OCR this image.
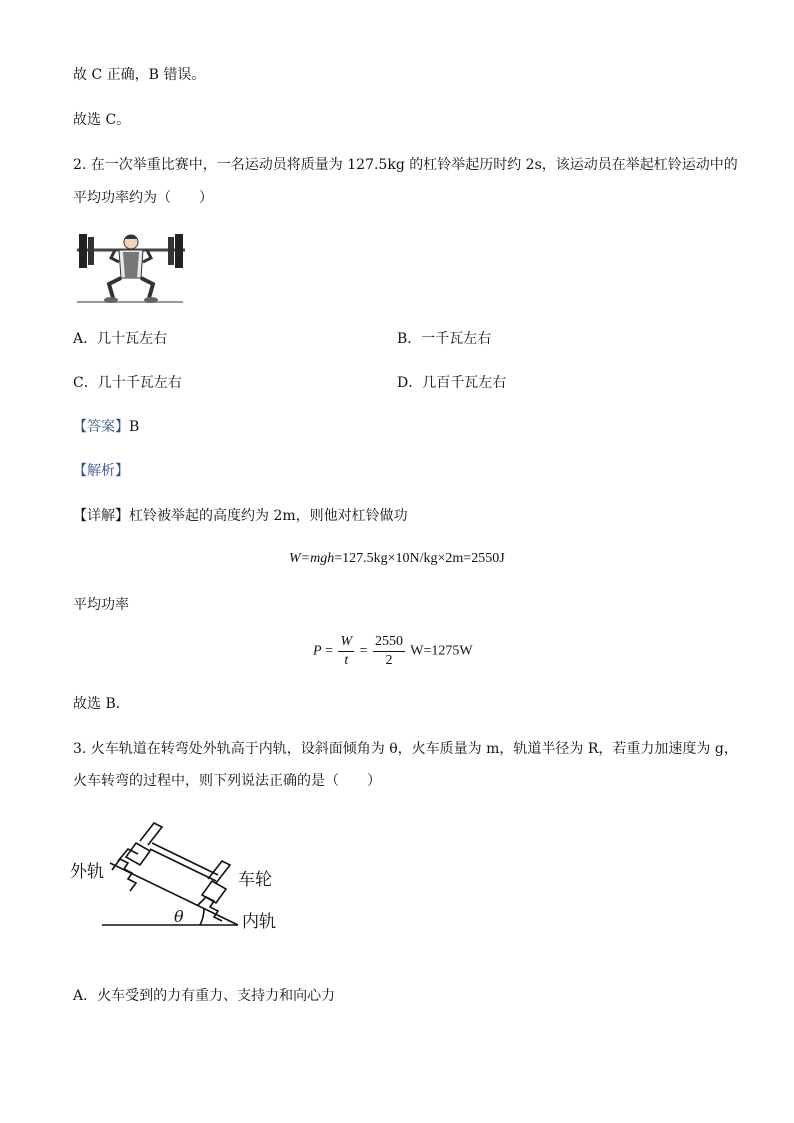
故 C 正确，B 错误。
故选 C。
2. 在一次举重比赛中，一名运动员将质量为 127.5kg 的杠铃举起历时约 2s，该运动员在举起杠铃运动中的
平均功率约为（　　）
A．几十瓦左右	B．一千瓦左右
C．几十千瓦左右	D．几百千瓦左右
【答案】B
【解析】
【详解】杠铃被举起的高度约为 2m，则他对杠铃做功
W=mgh=127.5kg×10N/kg×2m=2550J
平均功率
$P = \frac{W}{t} = \frac{2550}{2} W=1275W$
故选 B．
3. 火车轨道在转弯处外轨高于内轨，设斜面倾角为 θ，火车质量为 m，轨道半径为 R，若重力加速度为 g，
火车转弯的过程中，则下列说法正确的是（　　）
外轨	车轮
内轨
θ
A．火车受到的力有重力、支持力和向心力
